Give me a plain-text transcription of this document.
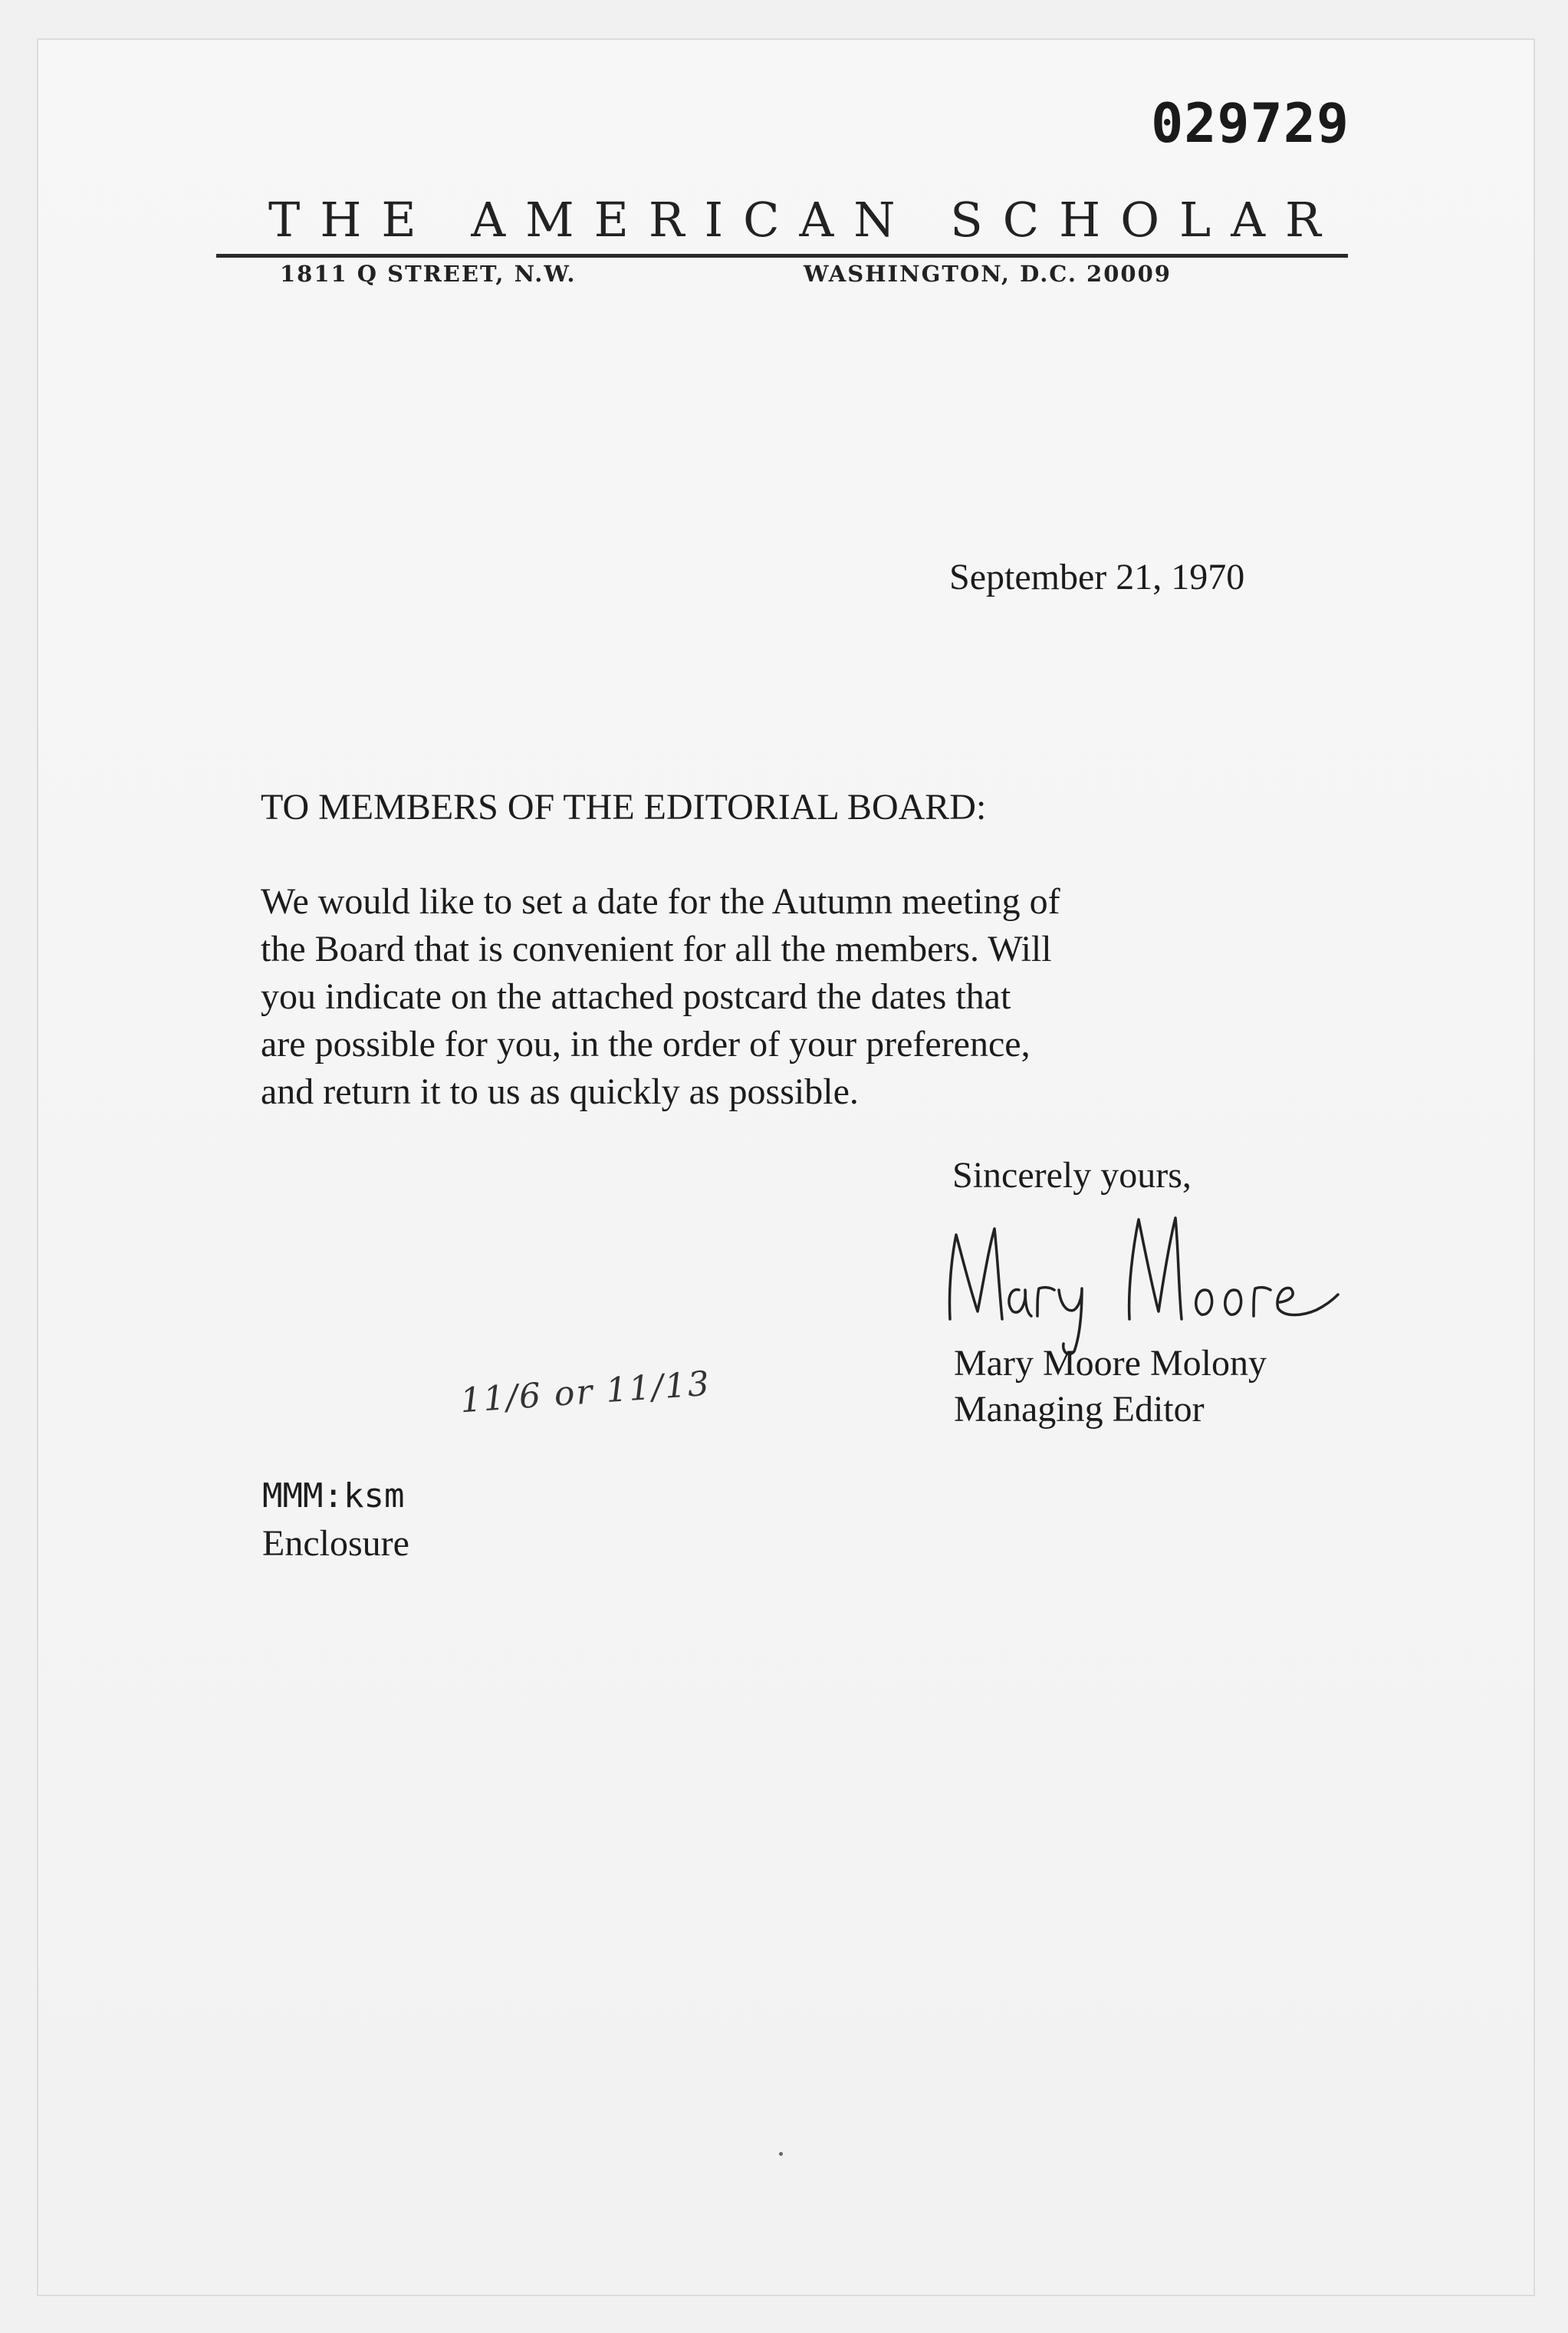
029729
THE AMERICAN SCHOLAR
1811 Q STREET, N.W.	WASHINGTON, D.C. 20009
September 21, 1970
TO MEMBERS OF THE EDITORIAL BOARD:
We would like to set a date for the Autumn meeting of
the Board that is convenient for all the members. Will
you indicate on the attached postcard the dates that
are possible for you, in the order of your preference,
and return it to us as quickly as possible.
Sincerely yours,
Mary Moore Molony
Managing Editor
11/6 or 11/13
MMM:ksm
Enclosure
